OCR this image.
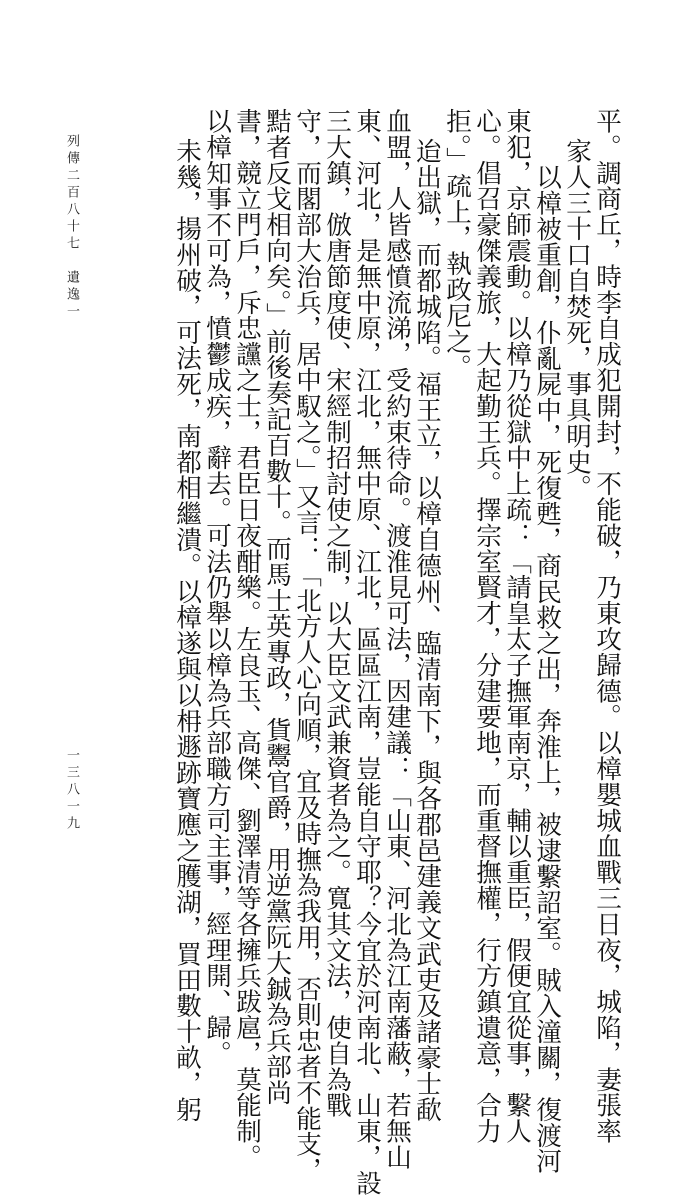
平。調商丘，時李自成犯開封，不能破，乃東攻歸德。以樟嬰城血戰三日夜，城陷，妻張率
家人三十口自焚死，事具明史。
以樟被重創，仆亂屍中，死復甦，商民救之出，奔淮上，被逮繫詔室。賊入潼關，復渡河
東犯，京師震動。以樟乃從獄中上疏：「請皇太子撫軍南京，輔以重臣，假便宜從事，繫人
心。倡召豪傑義旅，大起勤王兵。擇宗室賢才，分建要地，而重督撫權，行方鎮遺意，合力
拒。」疏上，執政尼之。
迨出獄，而都城陷。福王立，以樟自德州、臨清南下，與各郡邑建義文武吏及諸豪士歃
血盟，人皆感憤流涕，受約束待命。渡淮見可法，因建議：「山東、河北為江南藩蔽，若無山
東、河北，是無中原，江北，無中原、江北，區區江南，豈能自守耶？今宜於河南北、山東，設
三大鎮，倣唐節度使、宋經制招討使之制，以大臣文武兼資者為之。寬其文法，使自為戰
守，而閣部大治兵，居中馭之。」又言：「北方人心向順，宜及時撫為我用，否則忠者不能支，
黠者反戈相向矣。」前後奏記百數十。而馬士英專政，貨鬻官爵，用逆黨阮大鋮為兵部尚
書，競立門戶，斥忠讜之士，君臣日夜酣樂。左良玉、高傑、劉澤清等各擁兵跋扈，莫能制。
以樟知事不可為，憤鬱成疾，辭去。可法仍舉以樟為兵部職方司主事，經理開、歸。
未幾，揚州破，可法死，南都相繼潰。以樟遂與以枏遯跡寶應之臒湖，買田數十畝，躬
列傳二百八十七
遺逸一
一三八一九
